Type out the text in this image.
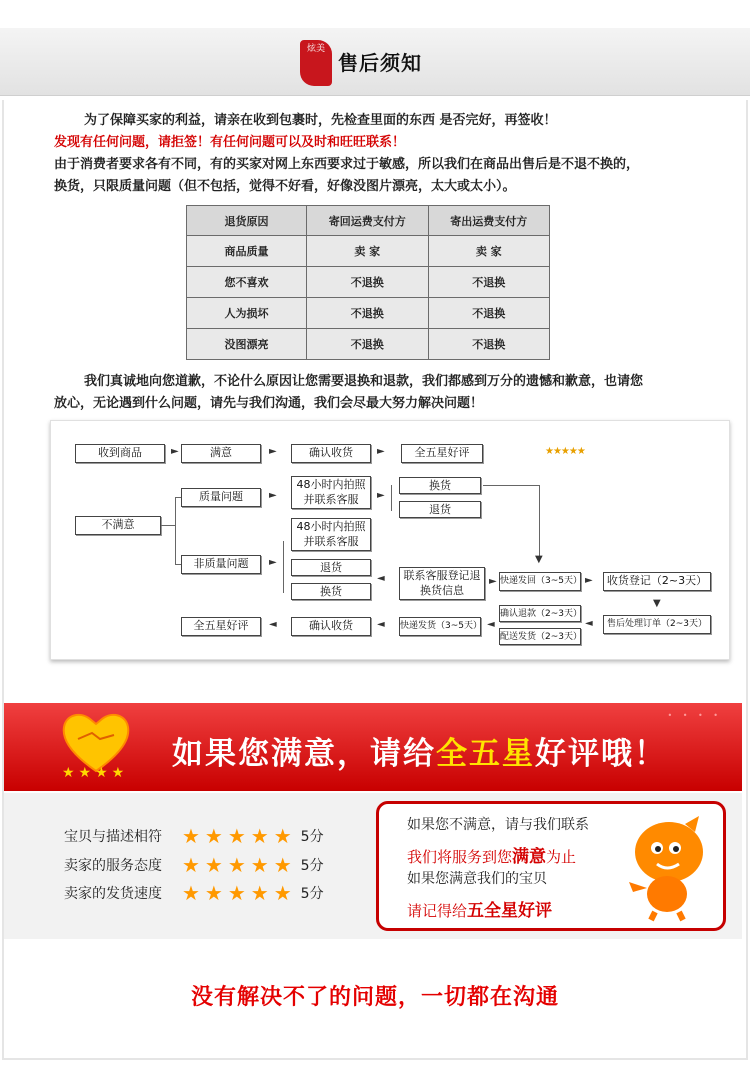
炫美
售后须知
为了保障买家的利益，请亲在收到包裹时，先检查里面的东西 是否完好，再签收！
发现有任何问题，请拒签！有任何问题可以及时和旺旺联系！
由于消费者要求各有不同，有的买家对网上东西要求过于敏感，所以我们在商品出售后是不退不换的，
换货，只限质量问题（但不包括，觉得不好看，好像没图片漂亮，太大或太小）。
退货原因	寄回运费支付方	寄出运费支付方
商品质量	卖 家	卖 家
您不喜欢	不退换	不退换
人为损坏	不退换	不退换
没图漂亮	不退换	不退换
我们真诚地向您道歉，不论什么原因让您需要退换和退款，我们都感到万分的遗憾和歉意，也请您
放心，无论遇到什么问题，请先与我们沟通，我们会尽最大努力解决问题！
收到商品	►	满意	►	确认收货	►	全五星好评	★★★★★
不满意
质量问题	►
48小时内拍照并联系客服	►
换货
退货
▼
48小时内拍照并联系客服
非质量问题	►	退货
换货
◄	联系客服登记退换货信息
► 快递发回（3~5天） ►	收货登记（2~3天）
▼
确认退款（2~3天）
配送发货（2~3天）
◄	售后处理订单（2~3天）
全五星好评	◄	确认收货	◄ 快递发货（3~5天） ◄
• • • •
★★★★
如果您满意，请给全五星好评哦！
宝贝与描述相符 ★★★★★ 5分
卖家的服务态度 ★★★★★ 5分
卖家的发货速度 ★★★★★ 5分
如果您不满意，请与我们联系
我们将服务到您满意为止
如果您满意我们的宝贝
请记得给五全星好评
没有解决不了的问题，一切都在沟通
